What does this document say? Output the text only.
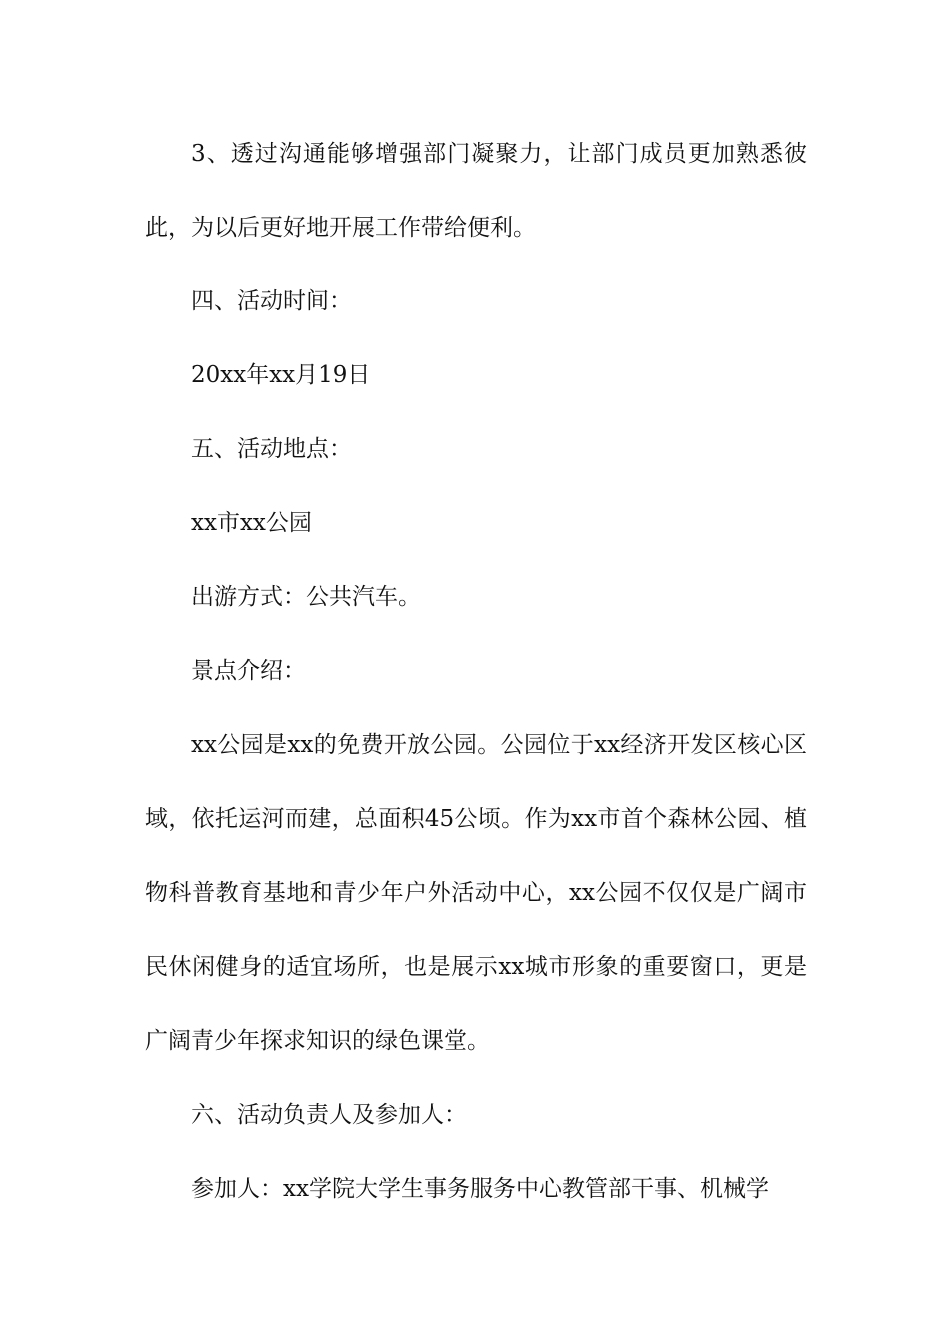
3、透过沟通能够增强部门凝聚力，让部门成员更加熟悉彼此，为以后更好地开展工作带给便利。

四、活动时间：

20xx年xx月19日

五、活动地点：

xx市xx公园

出游方式：公共汽车。

景点介绍：

xx公园是xx的免费开放公园。公园位于xx经济开发区核心区域，依托运河而建，总面积45公顷。作为xx市首个森林公园、植物科普教育基地和青少年户外活动中心，xx公园不仅仅是广阔市民休闲健身的适宜场所，也是展示xx城市形象的重要窗口，更是广阔青少年探求知识的绿色课堂。

六、活动负责人及参加人：

参加人：xx学院大学生事务服务中心教管部干事、机械学
